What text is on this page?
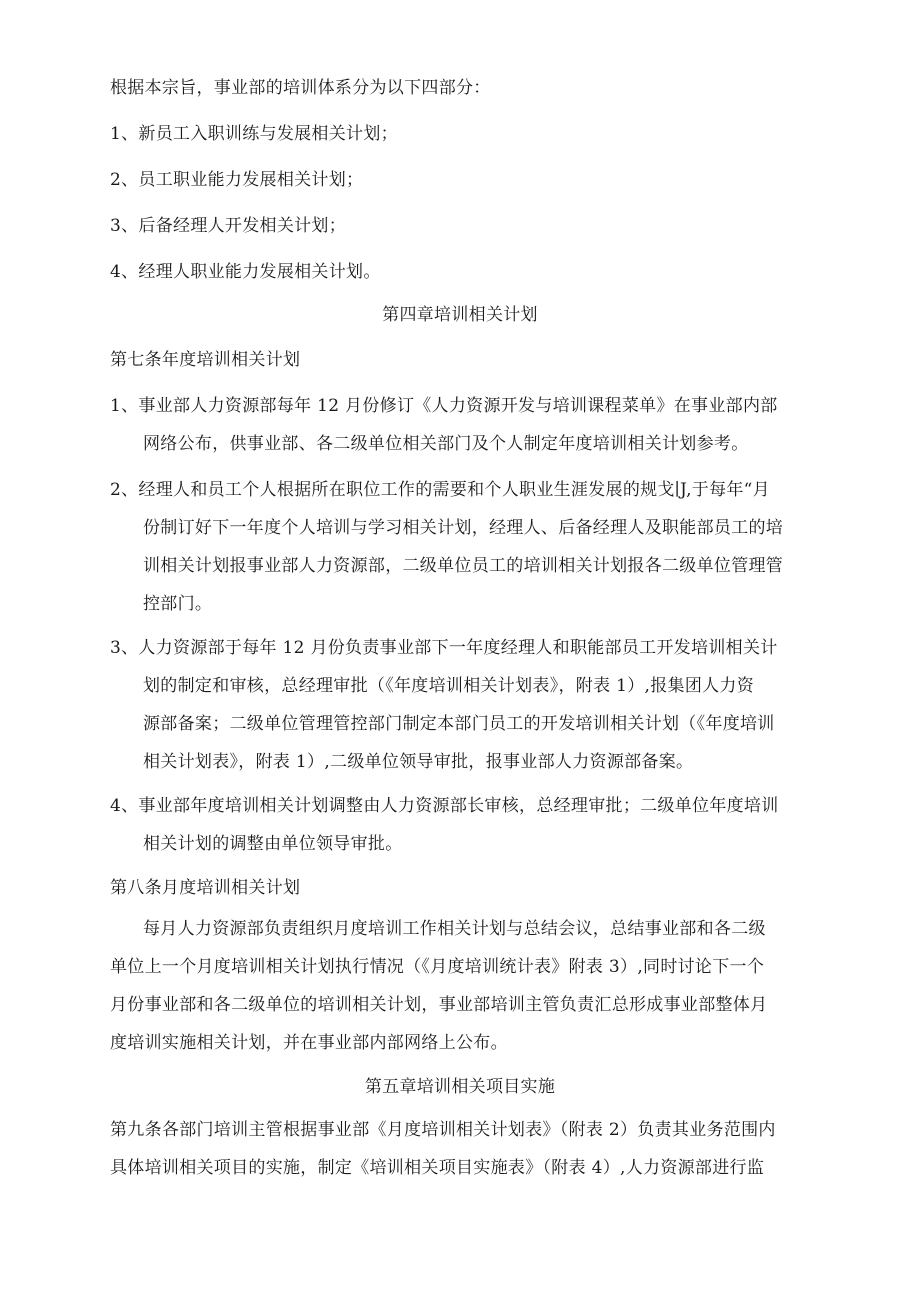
根据本宗旨，事业部的培训体系分为以下四部分：
1、新员工入职训练与发展相关计划；
2、员工职业能力发展相关计划；
3、后备经理人开发相关计划；
4、经理人职业能力发展相关计划。
第四章培训相关计划
第七条年度培训相关计划
1、事业部人力资源部每年 12 月份修订《人力资源开发与培训课程菜单》在事业部内部
网络公布，供事业部、各二级单位相关部门及个人制定年度培训相关计划参考。
2、经理人和员工个人根据所在职位工作的需要和个人职业生涯发展的规戈∣J,于每年“月
份制订好下一年度个人培训与学习相关计划，经理人、后备经理人及职能部员工的培
训相关计划报事业部人力资源部，二级单位员工的培训相关计划报各二级单位管理管
控部门。
3、人力资源部于每年 12 月份负责事业部下一年度经理人和职能部员工开发培训相关计
划的制定和审核，总经理审批（《年度培训相关计划表》，附表 1）,报集团人力资
源部备案；二级单位管理管控部门制定本部门员工的开发培训相关计划（《年度培训
相关计划表》，附表 1）,二级单位领导审批，报事业部人力资源部备案。
4、事业部年度培训相关计划调整由人力资源部长审核，总经理审批；二级单位年度培训
相关计划的调整由单位领导审批。
第八条月度培训相关计划
每月人力资源部负责组织月度培训工作相关计划与总结会议，总结事业部和各二级
单位上一个月度培训相关计划执行情况（《月度培训统计表》附表 3）,同时讨论下一个
月份事业部和各二级单位的培训相关计划，事业部培训主管负责汇总形成事业部整体月
度培训实施相关计划，并在事业部内部网络上公布。
第五章培训相关项目实施
第九条各部门培训主管根据事业部《月度培训相关计划表》（附表 2）负责其业务范围内
具体培训相关项目的实施，制定《培训相关项目实施表》（附表 4）,人力资源部进行监
